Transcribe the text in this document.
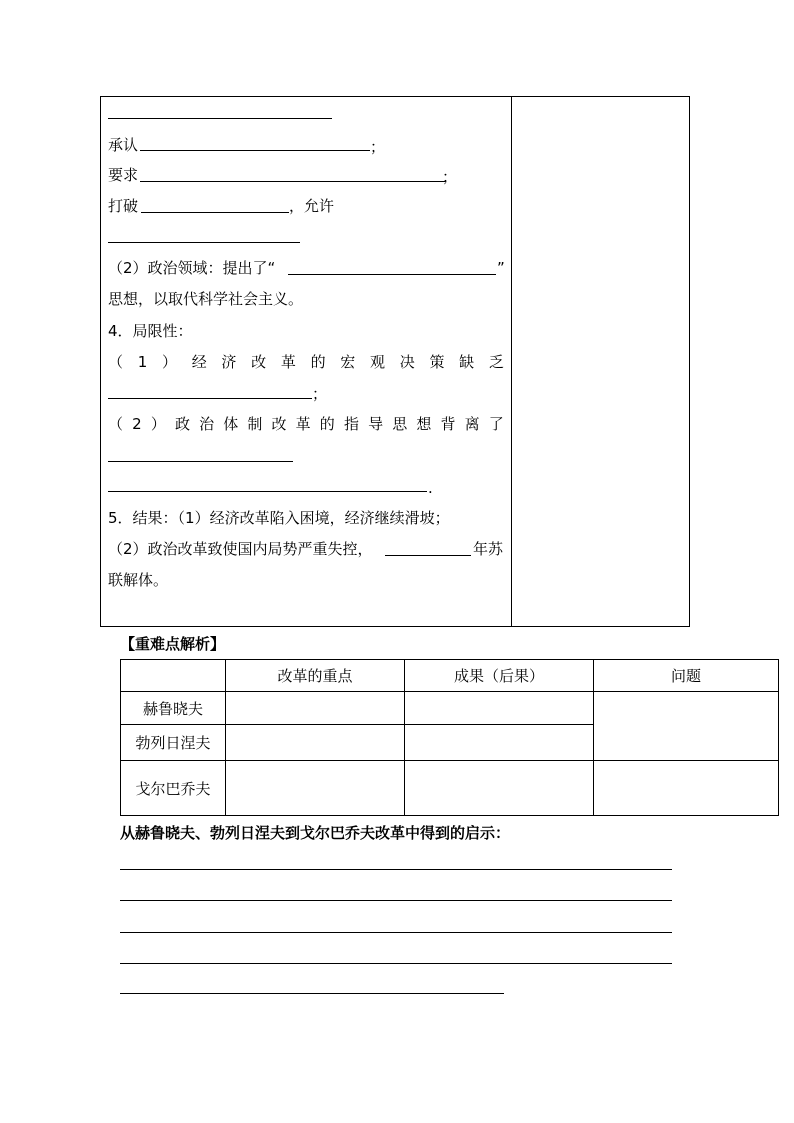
承认	；
要求	；
打破	，允许
（2）政治领域：提出了“	”
思想，以取代科学社会主义。
4．局限性：
（ 1 ） 经 济 改 革 的 宏 观 决 策 缺 乏
；
（ 2 ） 政 治 体 制 改 革 的 指 导 思 想 背 离 了
.
5．结果：（1）经济改革陷入困境，经济继续滑坡；
（2）政治改革致使国内局势严重失控，	年苏
联解体。
【重难点解析】
	改革的重点	成果（后果）	问题
赫鲁晓夫			
勃列日涅夫			
戈尔巴乔夫			
从赫鲁晓夫、勃列日涅夫到戈尔巴乔夫改革中得到的启示：
